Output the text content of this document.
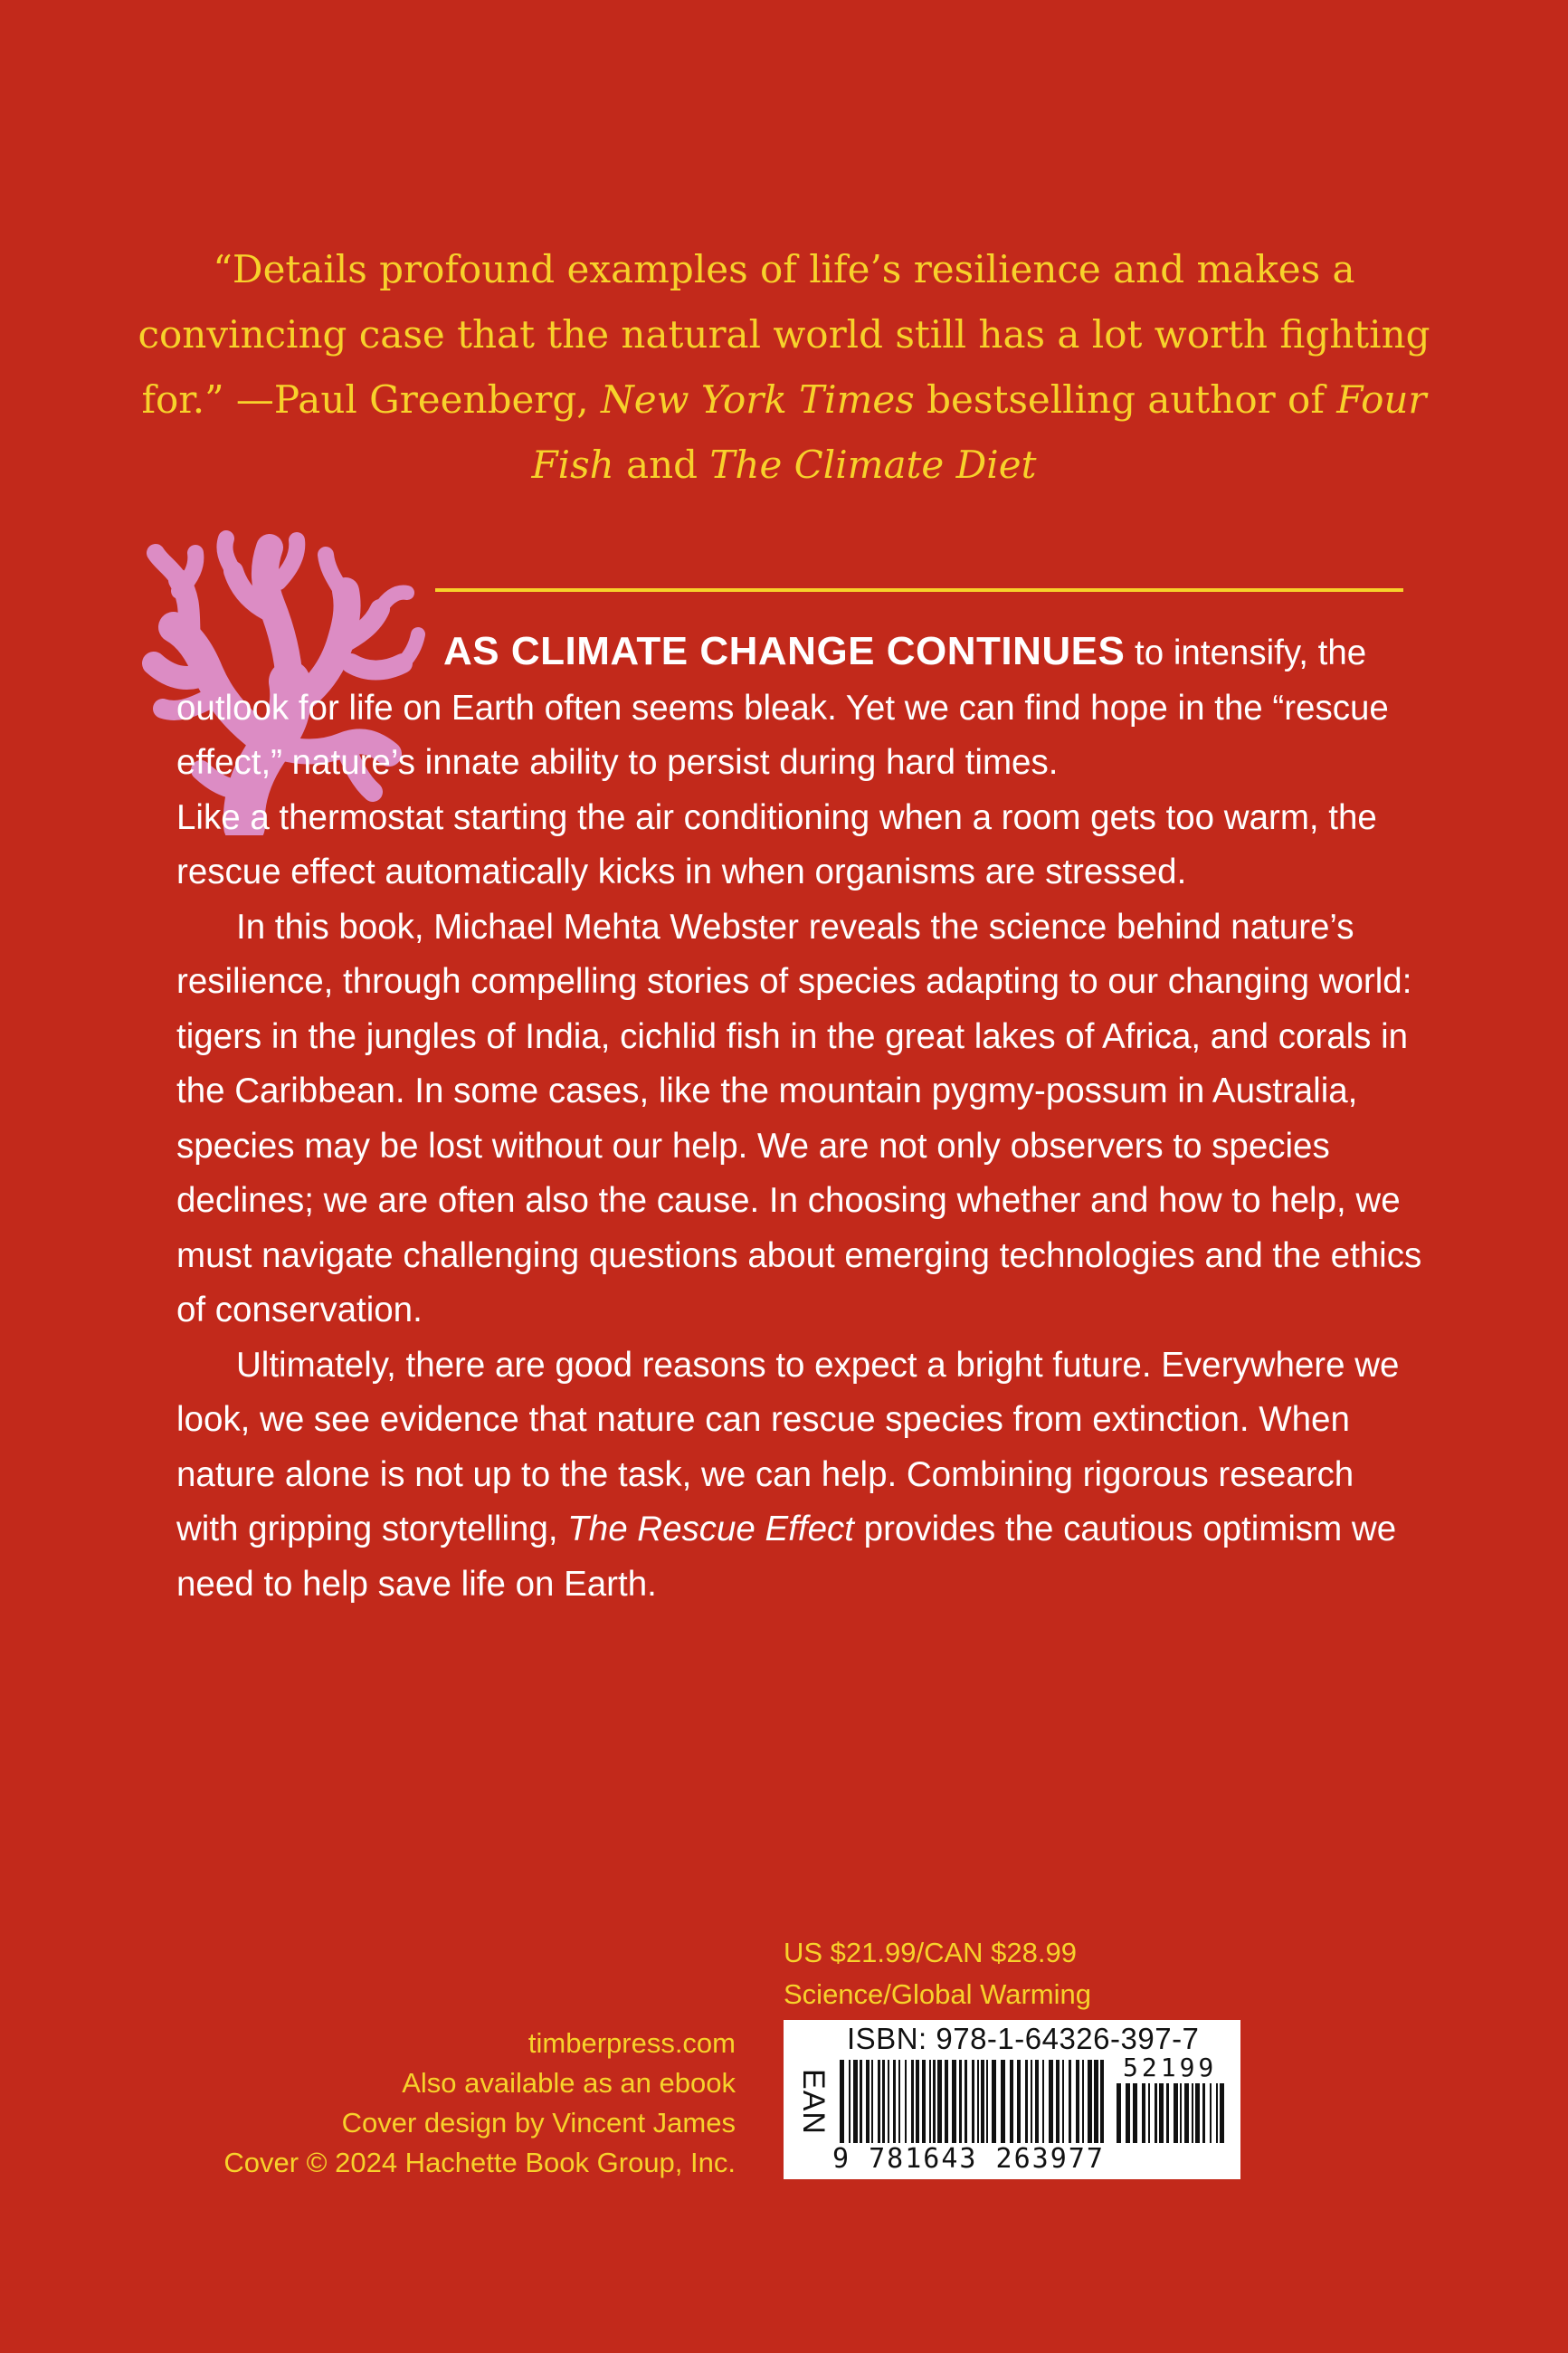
“Details profound examples of life’s resilience and makes a convincing case that the natural world still has a lot worth fighting for.” —Paul Greenberg, New York Times bestselling author of Four Fish and The Climate Diet

AS CLIMATE CHANGE CONTINUES to intensify, the outlook for life on Earth often seems bleak. Yet we can find hope in the “rescue effect,” nature’s innate ability to persist during hard times.

Like a thermostat starting the air conditioning when a room gets too warm, the rescue effect automatically kicks in when organisms are stressed.

In this book, Michael Mehta Webster reveals the science behind nature’s resilience, through compelling stories of species adapting to our changing world: tigers in the jungles of India, cichlid fish in the great lakes of Africa, and corals in the Caribbean. In some cases, like the mountain pygmy-possum in Australia, species may be lost without our help. We are not only observers to species declines; we are often also the cause. In choosing whether and how to help, we must navigate challenging questions about emerging technologies and the ethics of conservation.

Ultimately, there are good reasons to expect a bright future. Everywhere we look, we see evidence that nature can rescue species from extinction. When nature alone is not up to the task, we can help. Combining rigorous research with gripping storytelling, The Rescue Effect provides the cautious optimism we need to help save life on Earth.

US $21.99/CAN $28.99
Science/Global Warming
timberpress.com
Also available as an ebook
Cover design by Vincent James
Cover © 2024 Hachette Book Group, Inc.
ISBN: 978-1-64326-397-7
EAN
9 781643 263977
52199
